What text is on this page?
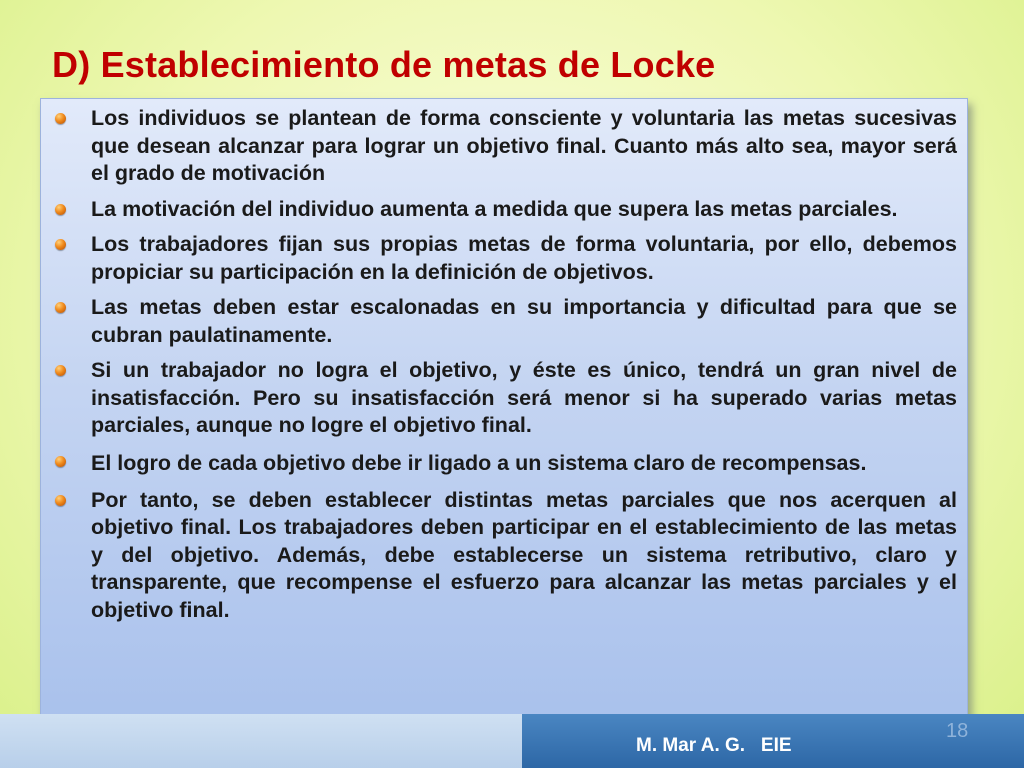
D) Establecimiento de metas de Locke
Los individuos se plantean de forma consciente y voluntaria las metas sucesivas que desean alcanzar para lograr un objetivo final. Cuanto más alto sea, mayor será el grado de motivación
La motivación del individuo aumenta a medida que supera las metas parciales.
Los trabajadores fijan sus propias metas de forma voluntaria, por ello, debemos propiciar su participación en la definición de objetivos.
Las metas deben estar escalonadas en su importancia y dificultad para que se cubran paulatinamente.
Si un trabajador no logra el objetivo, y éste es único, tendrá un gran nivel de insatisfacción. Pero su insatisfacción será menor si ha superado varias metas parciales, aunque no logre el objetivo final.
El logro de cada objetivo debe ir ligado a un sistema claro de recompensas.
Por tanto, se deben establecer distintas metas parciales que nos acerquen al objetivo final. Los trabajadores deben participar en el establecimiento de las metas y del objetivo. Además, debe establecerse un sistema retributivo, claro y transparente, que recompense el esfuerzo para alcanzar las metas parciales y el objetivo final.
M. Mar A. G.   EIE
18
